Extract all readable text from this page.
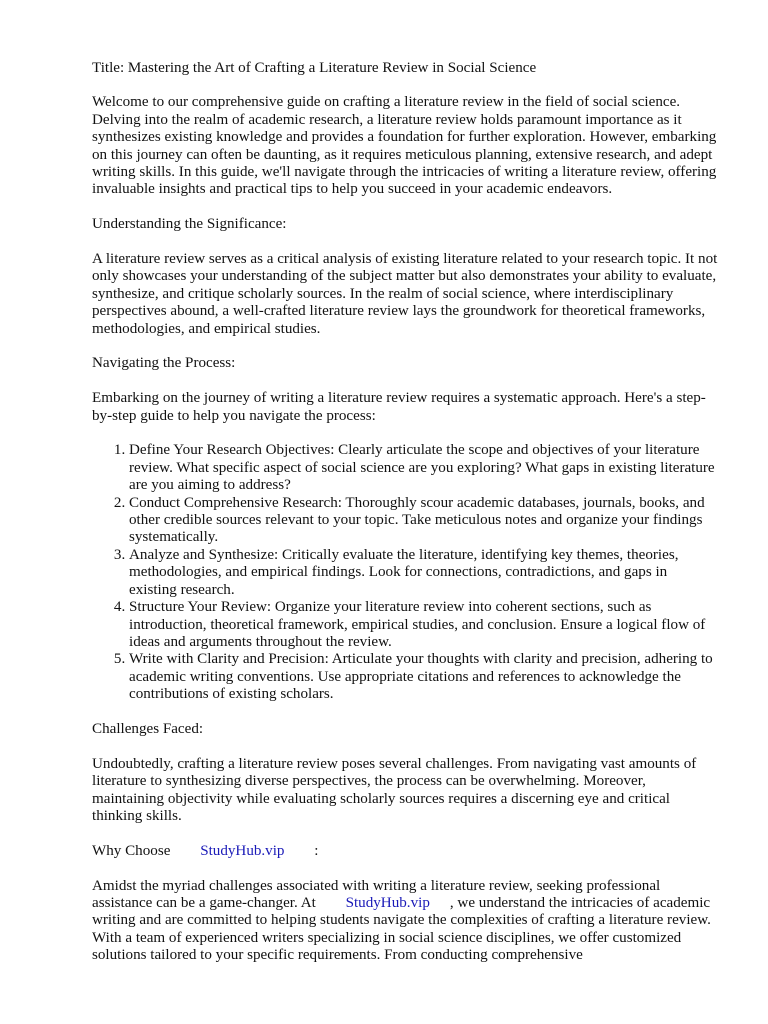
Title: Mastering the Art of Crafting a Literature Review in Social Science

Welcome to our comprehensive guide on crafting a literature review in the field of social science. Delving into the realm of academic research, a literature review holds paramount importance as it synthesizes existing knowledge and provides a foundation for further exploration. However, embarking on this journey can often be daunting, as it requires meticulous planning, extensive research, and adept writing skills. In this guide, we'll navigate through the intricacies of writing a literature review, offering invaluable insights and practical tips to help you succeed in your academic endeavors.

Understanding the Significance:

A literature review serves as a critical analysis of existing literature related to your research topic. It not only showcases your understanding of the subject matter but also demonstrates your ability to evaluate, synthesize, and critique scholarly sources. In the realm of social science, where interdisciplinary perspectives abound, a well-crafted literature review lays the groundwork for theoretical frameworks, methodologies, and empirical studies.

Navigating the Process:

Embarking on the journey of writing a literature review requires a systematic approach. Here's a step-by-step guide to help you navigate the process:

1. Define Your Research Objectives: Clearly articulate the scope and objectives of your literature review. What specific aspect of social science are you exploring? What gaps in existing literature are you aiming to address?
2. Conduct Comprehensive Research: Thoroughly scour academic databases, journals, books, and other credible sources relevant to your topic. Take meticulous notes and organize your findings systematically.
3. Analyze and Synthesize: Critically evaluate the literature, identifying key themes, theories, methodologies, and empirical findings. Look for connections, contradictions, and gaps in existing research.
4. Structure Your Review: Organize your literature review into coherent sections, such as introduction, theoretical framework, empirical studies, and conclusion. Ensure a logical flow of ideas and arguments throughout the review.
5. Write with Clarity and Precision: Articulate your thoughts with clarity and precision, adhering to academic writing conventions. Use appropriate citations and references to acknowledge the contributions of existing scholars.

Challenges Faced:

Undoubtedly, crafting a literature review poses several challenges. From navigating vast amounts of literature to synthesizing diverse perspectives, the process can be overwhelming. Moreover, maintaining objectivity while evaluating scholarly sources requires a discerning eye and critical thinking skills.

Why Choose StudyHub.vip :

Amidst the myriad challenges associated with writing a literature review, seeking professional assistance can be a game-changer. At StudyHub.vip , we understand the intricacies of academic writing and are committed to helping students navigate the complexities of crafting a literature review. With a team of experienced writers specializing in social science disciplines, we offer customized solutions tailored to your specific requirements. From conducting comprehensive
